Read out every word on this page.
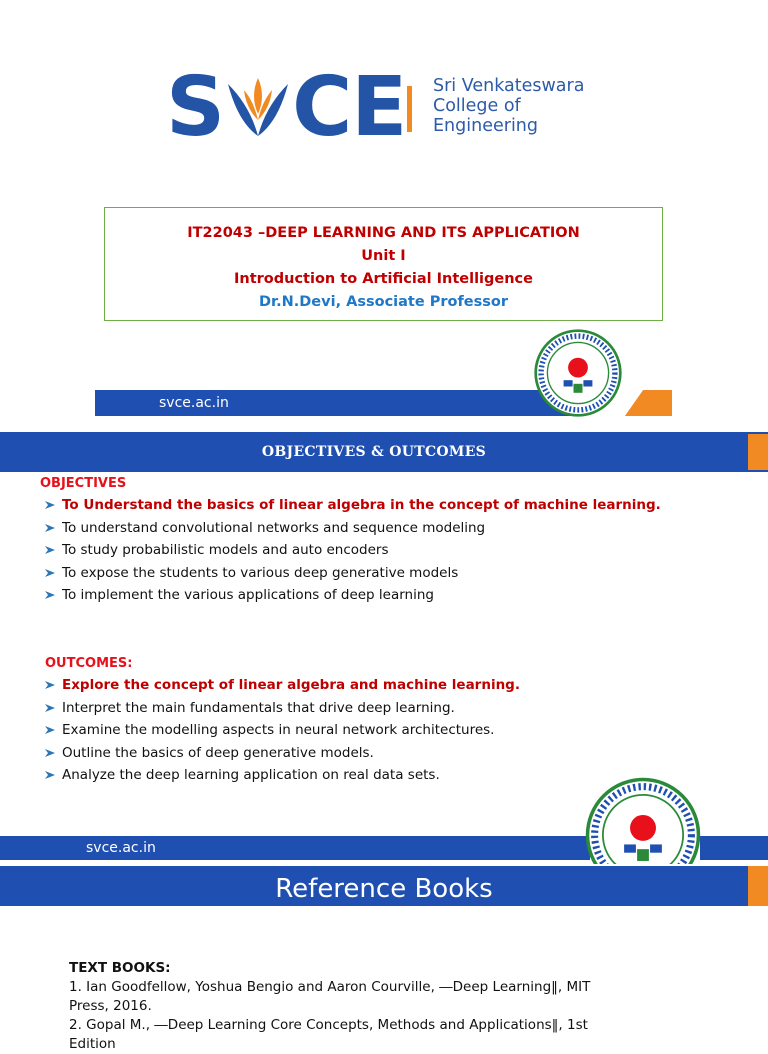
S CE Sri Venkateswara
College of
Engineering
IT22043 –DEEP LEARNING AND ITS APPLICATION
Unit I
Introduction to Artificial Intelligence
Dr.N.Devi, Associate Professor
svce.ac.in
OBJECTIVES & OUTCOMES
OBJECTIVES
To Understand the basics of linear algebra in the concept of machine learning.
To understand convolutional networks and sequence modeling
To study probabilistic models and auto encoders
To expose the students to various deep generative models
To implement the various applications of deep learning
OUTCOMES:
Explore the concept of linear algebra and machine learning.
Interpret the main fundamentals that drive deep learning.
Examine the modelling aspects in neural network architectures.
Outline the basics of deep generative models.
Analyze the deep learning application on real data sets.
svce.ac.in
Reference Books
TEXT BOOKS:
1. Ian Goodfellow, Yoshua Bengio and Aaron Courville, ―Deep Learning‖, MIT Press, 2016.
2. Gopal M., ―Deep Learning Core Concepts, Methods and Applications‖, 1st Edition
